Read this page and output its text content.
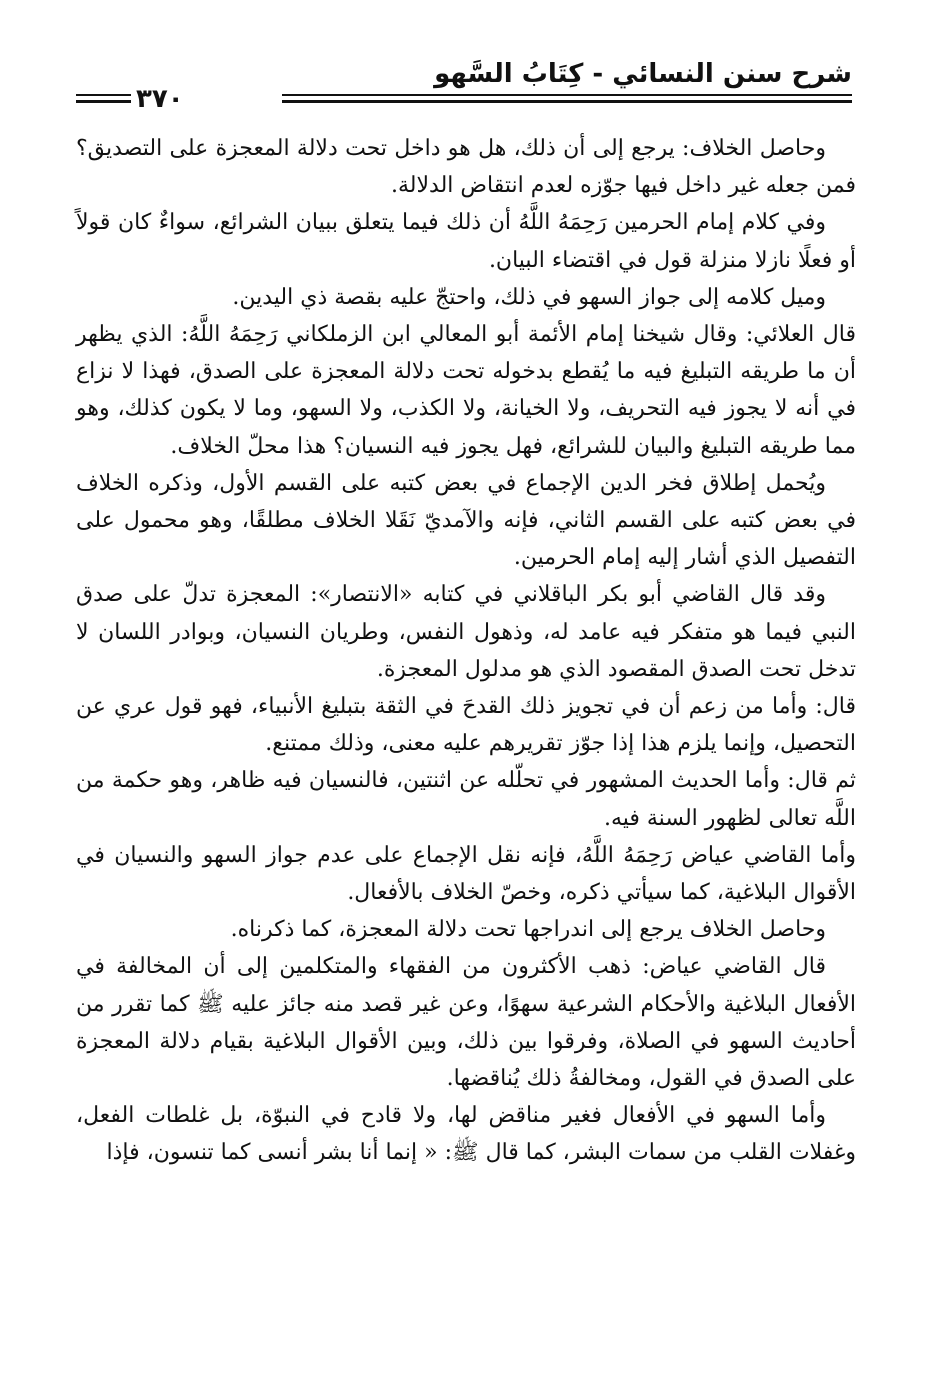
شرح سنن النسائي - كِتَابُ السَّهو
٣٧٠

وحاصل الخلاف: يرجع إلى أن ذلك، هل هو داخل تحت دلالة المعجزة على التصديق؟ فمن جعله غير داخل فيها جوّزه لعدم انتقاض الدلالة.

وفي كلام إمام الحرمين رَحِمَهُ اللَّهُ أن ذلك فيما يتعلق ببيان الشرائع، سواءٌ كان قولاً أو فعلًا نازلا منزلة قول في اقتضاء البيان.

وميل كلامه إلى جواز السهو في ذلك، واحتجّ عليه بقصة ذي اليدين.

قال العلائي: وقال شيخنا إمام الأئمة أبو المعالي ابن الزملكاني رَحِمَهُ اللَّهُ: الذي يظهر أن ما طريقه التبليغ فيه ما يُقطع بدخوله تحت دلالة المعجزة على الصدق، فهذا لا نزاع في أنه لا يجوز فيه التحريف، ولا الخيانة، ولا الكذب، ولا السهو، وما لا يكون كذلك، وهو مما طريقه التبليغ والبيان للشرائع، فهل يجوز فيه النسيان؟ هذا محلّ الخلاف.

ويُحمل إطلاق فخر الدين الإجماع في بعض كتبه على القسم الأول، وذكره الخلاف في بعض كتبه على القسم الثاني، فإنه والآمديّ نَقَلا الخلاف مطلقًا، وهو محمول على التفصيل الذي أشار إليه إمام الحرمين.

وقد قال القاضي أبو بكر الباقلاني في كتابه «الانتصار»: المعجزة تدلّ على صدق النبي فيما هو متفكر فيه عامد له، وذهول النفس، وطريان النسيان، وبوادر اللسان لا تدخل تحت الصدق المقصود الذي هو مدلول المعجزة.

قال: وأما من زعم أن في تجويز ذلك القدحَ في الثقة بتبليغ الأنبياء، فهو قول عري عن التحصيل، وإنما يلزم هذا إذا جوّز تقريرهم عليه معنى، وذلك ممتنع.

ثم قال: وأما الحديث المشهور في تحلّله عن اثنتين، فالنسيان فيه ظاهر، وهو حكمة من اللَّه تعالى لظهور السنة فيه.

وأما القاضي عياض رَحِمَهُ اللَّهُ، فإنه نقل الإجماع على عدم جواز السهو والنسيان في الأقوال البلاغية، كما سيأتي ذكره، وخصّ الخلاف بالأفعال.

وحاصل الخلاف يرجع إلى اندراجها تحت دلالة المعجزة، كما ذكرناه.

قال القاضي عياض: ذهب الأكثرون من الفقهاء والمتكلمين إلى أن المخالفة في الأفعال البلاغية والأحكام الشرعية سهوًا، وعن غير قصد منه جائز عليه ﷺ كما تقرر من أحاديث السهو في الصلاة، وفرقوا بين ذلك، وبين الأقوال البلاغية بقيام دلالة المعجزة على الصدق في القول، ومخالفةُ ذلك يُناقضها.

وأما السهو في الأفعال فغير مناقض لها، ولا قادح في النبوّة، بل غلطات الفعل، وغفلات القلب من سمات البشر، كما قال ﷺ: « إنما أنا بشر أنسى كما تنسون، فإذا
